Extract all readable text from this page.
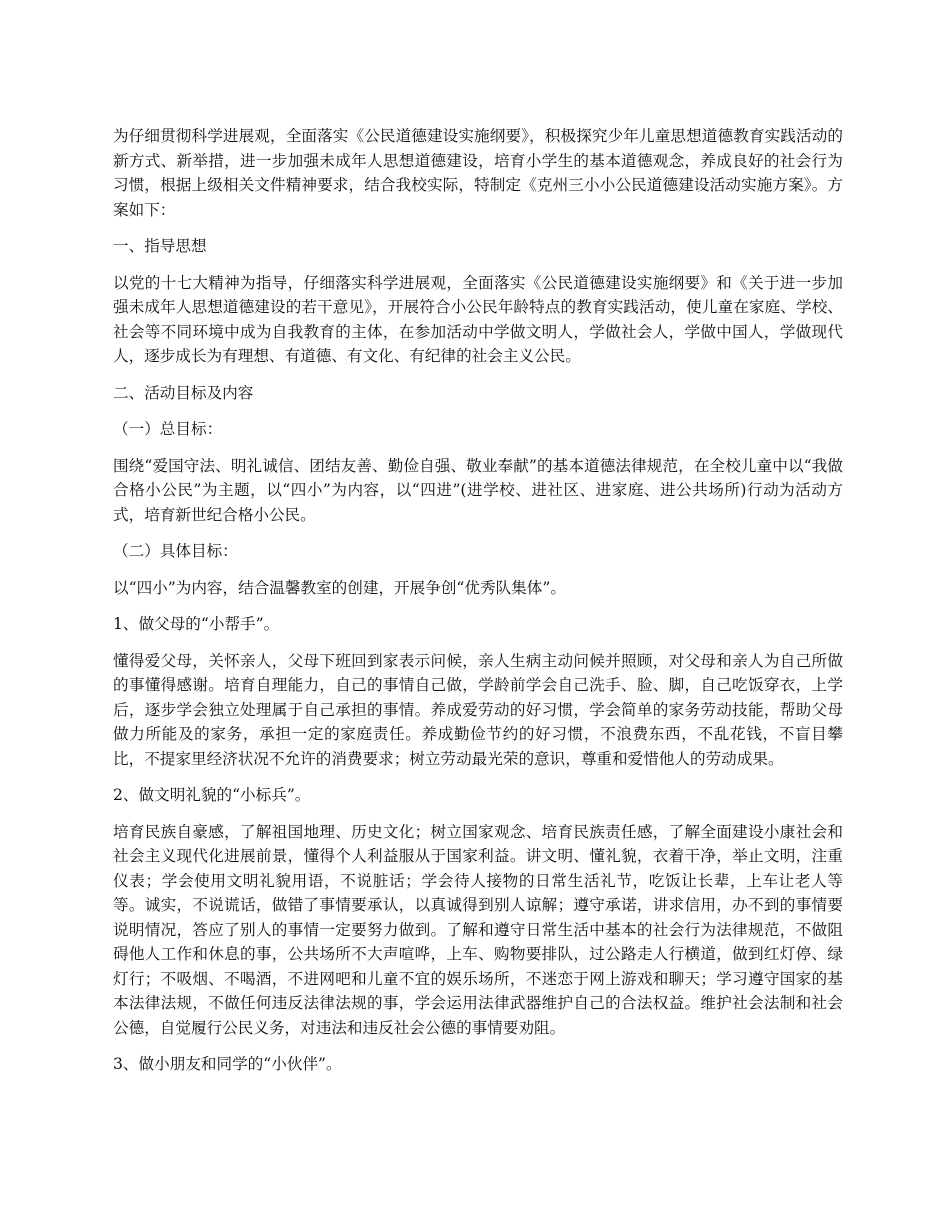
为仔细贯彻科学进展观，全面落实《公民道德建设实施纲要》，积极探究少年儿童思想道德教育实践活动的新方式、新举措，进一步加强未成年人思想道德建设，培育小学生的基本道德观念，养成良好的社会行为习惯，根据上级相关文件精神要求，结合我校实际，特制定《克州三小小公民道德建设活动实施方案》。方案如下：

一、指导思想

以党的十七大精神为指导，仔细落实科学进展观，全面落实《公民道德建设实施纲要》和《关于进一步加强未成年人思想道德建设的若干意见》，开展符合小公民年龄特点的教育实践活动，使儿童在家庭、学校、社会等不同环境中成为自我教育的主体，在参加活动中学做文明人，学做社会人，学做中国人，学做现代人，逐步成长为有理想、有道德、有文化、有纪律的社会主义公民。

二、活动目标及内容

（一）总目标：

围绕“爱国守法、明礼诚信、团结友善、勤俭自强、敬业奉献”的基本道德法律规范，在全校儿童中以“我做合格小公民”为主题，以“四小”为内容，以“四进”(进学校、进社区、进家庭、进公共场所)行动为活动方式，培育新世纪合格小公民。

（二）具体目标：

以“四小”为内容，结合温馨教室的创建，开展争创“优秀队集体”。

1、做父母的“小帮手”。

懂得爱父母，关怀亲人，父母下班回到家表示问候，亲人生病主动问候并照顾，对父母和亲人为自己所做的事懂得感谢。培育自理能力，自己的事情自己做，学龄前学会自己洗手、脸、脚，自己吃饭穿衣，上学后，逐步学会独立处理属于自己承担的事情。养成爱劳动的好习惯，学会简单的家务劳动技能，帮助父母做力所能及的家务，承担一定的家庭责任。养成勤俭节约的好习惯，不浪费东西，不乱花钱，不盲目攀比，不提家里经济状况不允许的消费要求；树立劳动最光荣的意识，尊重和爱惜他人的劳动成果。

2、做文明礼貌的“小标兵”。

培育民族自豪感，了解祖国地理、历史文化；树立国家观念、培育民族责任感，了解全面建设小康社会和社会主义现代化进展前景，懂得个人利益服从于国家利益。讲文明、懂礼貌，衣着干净，举止文明，注重仪表；学会使用文明礼貌用语，不说脏话；学会待人接物的日常生活礼节，吃饭让长辈，上车让老人等等。诚实，不说谎话，做错了事情要承认，以真诚得到别人谅解；遵守承诺，讲求信用，办不到的事情要说明情况，答应了别人的事情一定要努力做到。了解和遵守日常生活中基本的社会行为法律规范，不做阻碍他人工作和休息的事，公共场所不大声喧哗，上车、购物要排队，过公路走人行横道，做到红灯停、绿灯行；不吸烟、不喝酒，不进网吧和儿童不宜的娱乐场所，不迷恋于网上游戏和聊天；学习遵守国家的基本法律法规，不做任何违反法律法规的事，学会运用法律武器维护自己的合法权益。维护社会法制和社会公德，自觉履行公民义务，对违法和违反社会公德的事情要劝阻。

3、做小朋友和同学的“小伙伴”。
